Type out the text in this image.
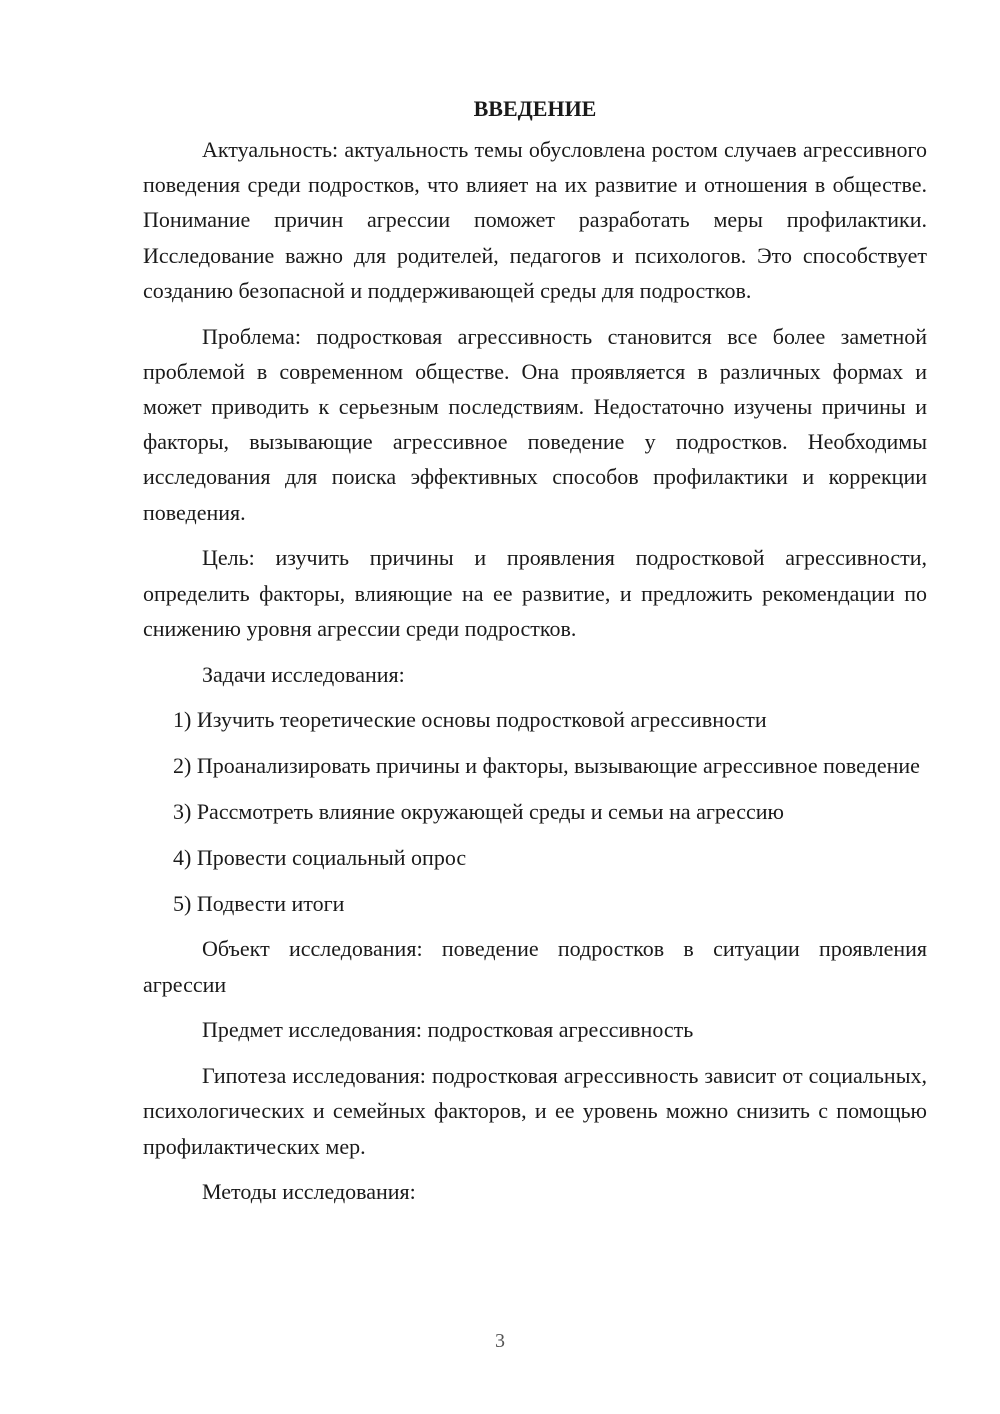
ВВЕДЕНИЕ

Актуальность: актуальность темы обусловлена ростом случаев агрессивного поведения среди подростков, что влияет на их развитие и отношения в обществе. Понимание причин агрессии поможет разработать меры профилактики. Исследование важно для родителей, педагогов и психологов. Это способствует созданию безопасной и поддерживающей среды для подростков.

Проблема: подростковая агрессивность становится все более заметной проблемой в современном обществе. Она проявляется в различных формах и может приводить к серьезным последствиям. Недостаточно изучены причины и факторы, вызывающие агрессивное поведение у подростков. Необходимы исследования для поиска эффективных способов профилактики и коррекции поведения.

Цель: изучить причины и проявления подростковой агрессивности, определить факторы, влияющие на ее развитие, и предложить рекомендации по снижению уровня агрессии среди подростков.

Задачи исследования:

1) Изучить теоретические основы подростковой агрессивности

2) Проанализировать причины и факторы, вызывающие агрессивное поведение

3) Рассмотреть влияние окружающей среды и семьи на агрессию

4) Провести социальный опрос

5) Подвести итоги

Объект исследования: поведение подростков в ситуации проявления агрессии

Предмет исследования: подростковая агрессивность

Гипотеза исследования: подростковая агрессивность зависит от социальных, психологических и семейных факторов, и ее уровень можно снизить с помощью профилактических мер.

Методы исследования:

3
